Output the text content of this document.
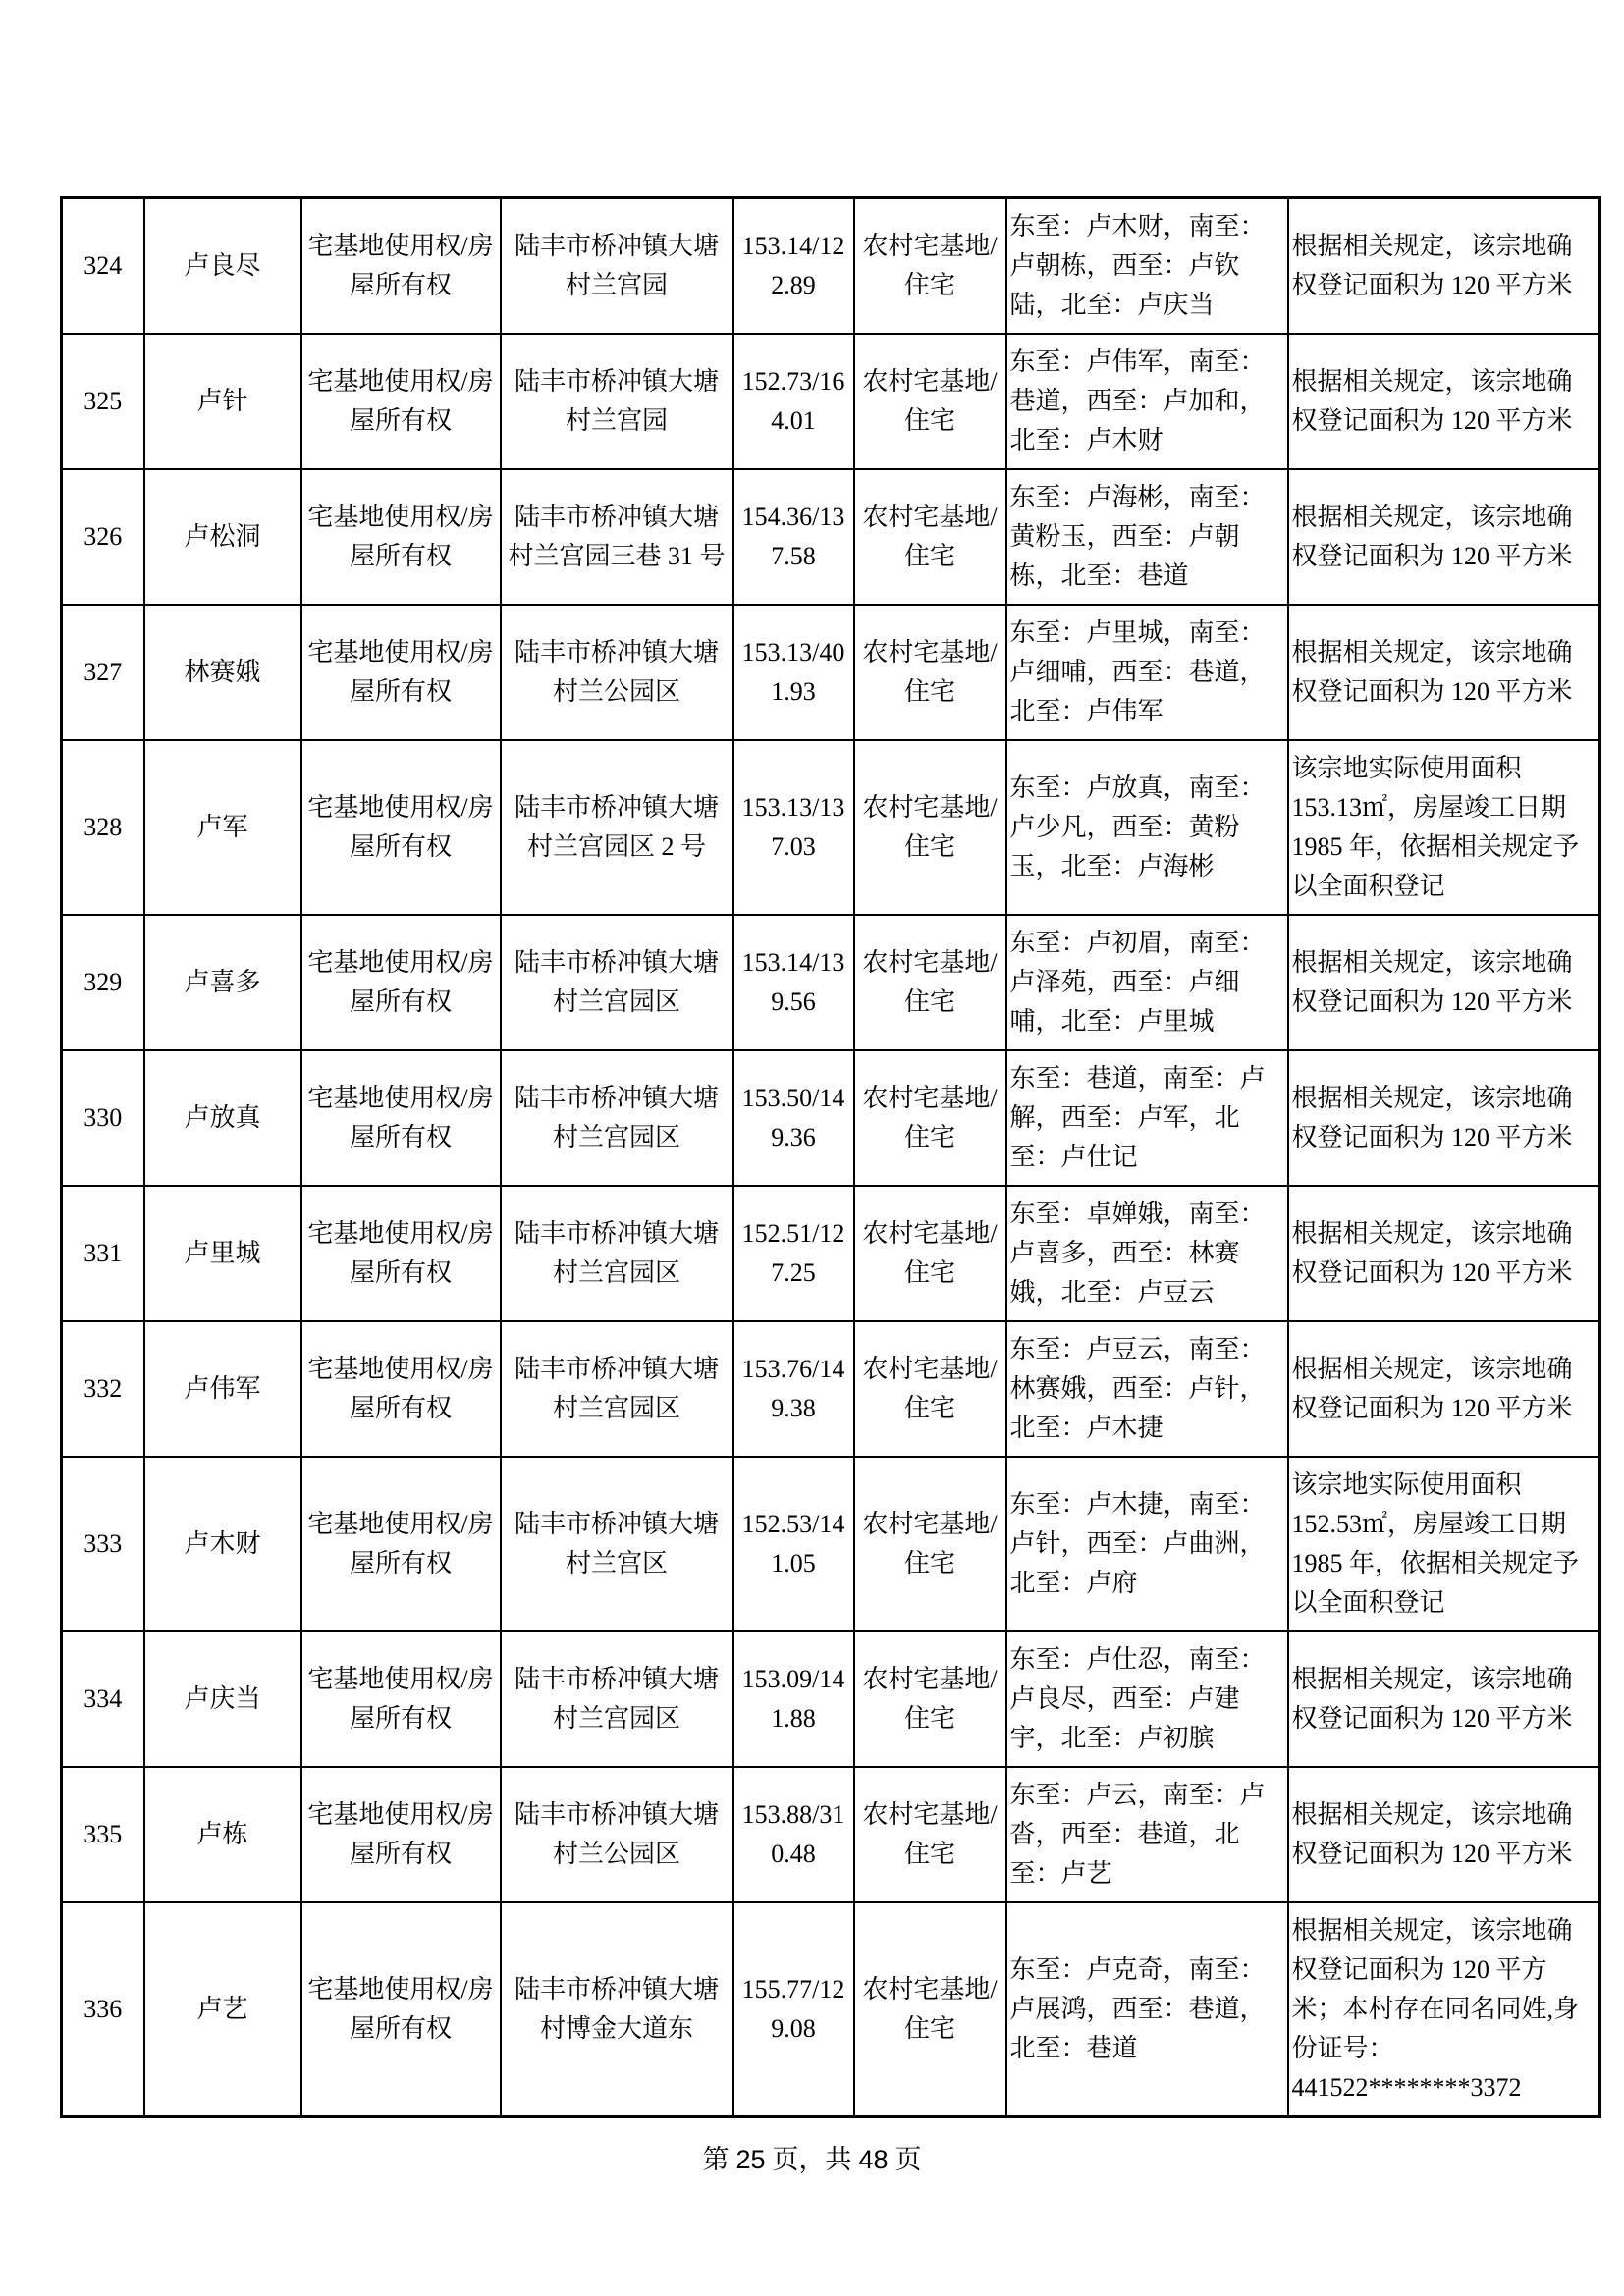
324	卢良尽	宅基地使用权/房屋所有权	陆丰市桥冲镇大塘村兰宫园	153.14/122.89	农村宅基地/住宅	东至：卢木财，南至：卢朝栋，西至：卢钦陆，北至：卢庆当	根据相关规定，该宗地确权登记面积为 120 平方米
325	卢针	宅基地使用权/房屋所有权	陆丰市桥冲镇大塘村兰宫园	152.73/164.01	农村宅基地/住宅	东至：卢伟军，南至：巷道，西至：卢加和，北至：卢木财	根据相关规定，该宗地确权登记面积为 120 平方米
326	卢松洞	宅基地使用权/房屋所有权	陆丰市桥冲镇大塘村兰宫园三巷 31 号	154.36/137.58	农村宅基地/住宅	东至：卢海彬，南至：黄粉玉，西至：卢朝栋，北至：巷道	根据相关规定，该宗地确权登记面积为 120 平方米
327	林赛娥	宅基地使用权/房屋所有权	陆丰市桥冲镇大塘村兰公园区	153.13/401.93	农村宅基地/住宅	东至：卢里城，南至：卢细哺，西至：巷道，北至：卢伟军	根据相关规定，该宗地确权登记面积为 120 平方米
328	卢军	宅基地使用权/房屋所有权	陆丰市桥冲镇大塘村兰宫园区 2 号	153.13/137.03	农村宅基地/住宅	东至：卢放真，南至：卢少凡，西至：黄粉玉，北至：卢海彬	该宗地实际使用面积 153.13㎡，房屋竣工日期 1985 年，依据相关规定予以全面积登记
329	卢喜多	宅基地使用权/房屋所有权	陆丰市桥冲镇大塘村兰宫园区	153.14/139.56	农村宅基地/住宅	东至：卢初眉，南至：卢泽苑，西至：卢细哺，北至：卢里城	根据相关规定，该宗地确权登记面积为 120 平方米
330	卢放真	宅基地使用权/房屋所有权	陆丰市桥冲镇大塘村兰宫园区	153.50/149.36	农村宅基地/住宅	东至：巷道，南至：卢解，西至：卢军，北至：卢仕记	根据相关规定，该宗地确权登记面积为 120 平方米
331	卢里城	宅基地使用权/房屋所有权	陆丰市桥冲镇大塘村兰宫园区	152.51/127.25	农村宅基地/住宅	东至：卓婵娥，南至：卢喜多，西至：林赛娥，北至：卢豆云	根据相关规定，该宗地确权登记面积为 120 平方米
332	卢伟军	宅基地使用权/房屋所有权	陆丰市桥冲镇大塘村兰宫园区	153.76/149.38	农村宅基地/住宅	东至：卢豆云，南至：林赛娥，西至：卢针，北至：卢木捷	根据相关规定，该宗地确权登记面积为 120 平方米
333	卢木财	宅基地使用权/房屋所有权	陆丰市桥冲镇大塘村兰宫区	152.53/141.05	农村宅基地/住宅	东至：卢木捷，南至：卢针，西至：卢曲洲，北至：卢府	该宗地实际使用面积 152.53㎡，房屋竣工日期 1985 年，依据相关规定予以全面积登记
334	卢庆当	宅基地使用权/房屋所有权	陆丰市桥冲镇大塘村兰宫园区	153.09/141.88	农村宅基地/住宅	东至：卢仕忍，南至：卢良尽，西至：卢建宇，北至：卢初膑	根据相关规定，该宗地确权登记面积为 120 平方米
335	卢栋	宅基地使用权/房屋所有权	陆丰市桥冲镇大塘村兰公园区	153.88/310.48	农村宅基地/住宅	东至：卢云，南至：卢沓，西至：巷道，北至：卢艺	根据相关规定，该宗地确权登记面积为 120 平方米
336	卢艺	宅基地使用权/房屋所有权	陆丰市桥冲镇大塘村博金大道东	155.77/129.08	农村宅基地/住宅	东至：卢克奇，南至：卢展鸿，西至：巷道，北至：巷道	根据相关规定，该宗地确权登记面积为 120 平方米；本村存在同名同姓,身份证号：441522********3372
第 25 页，共 48 页
